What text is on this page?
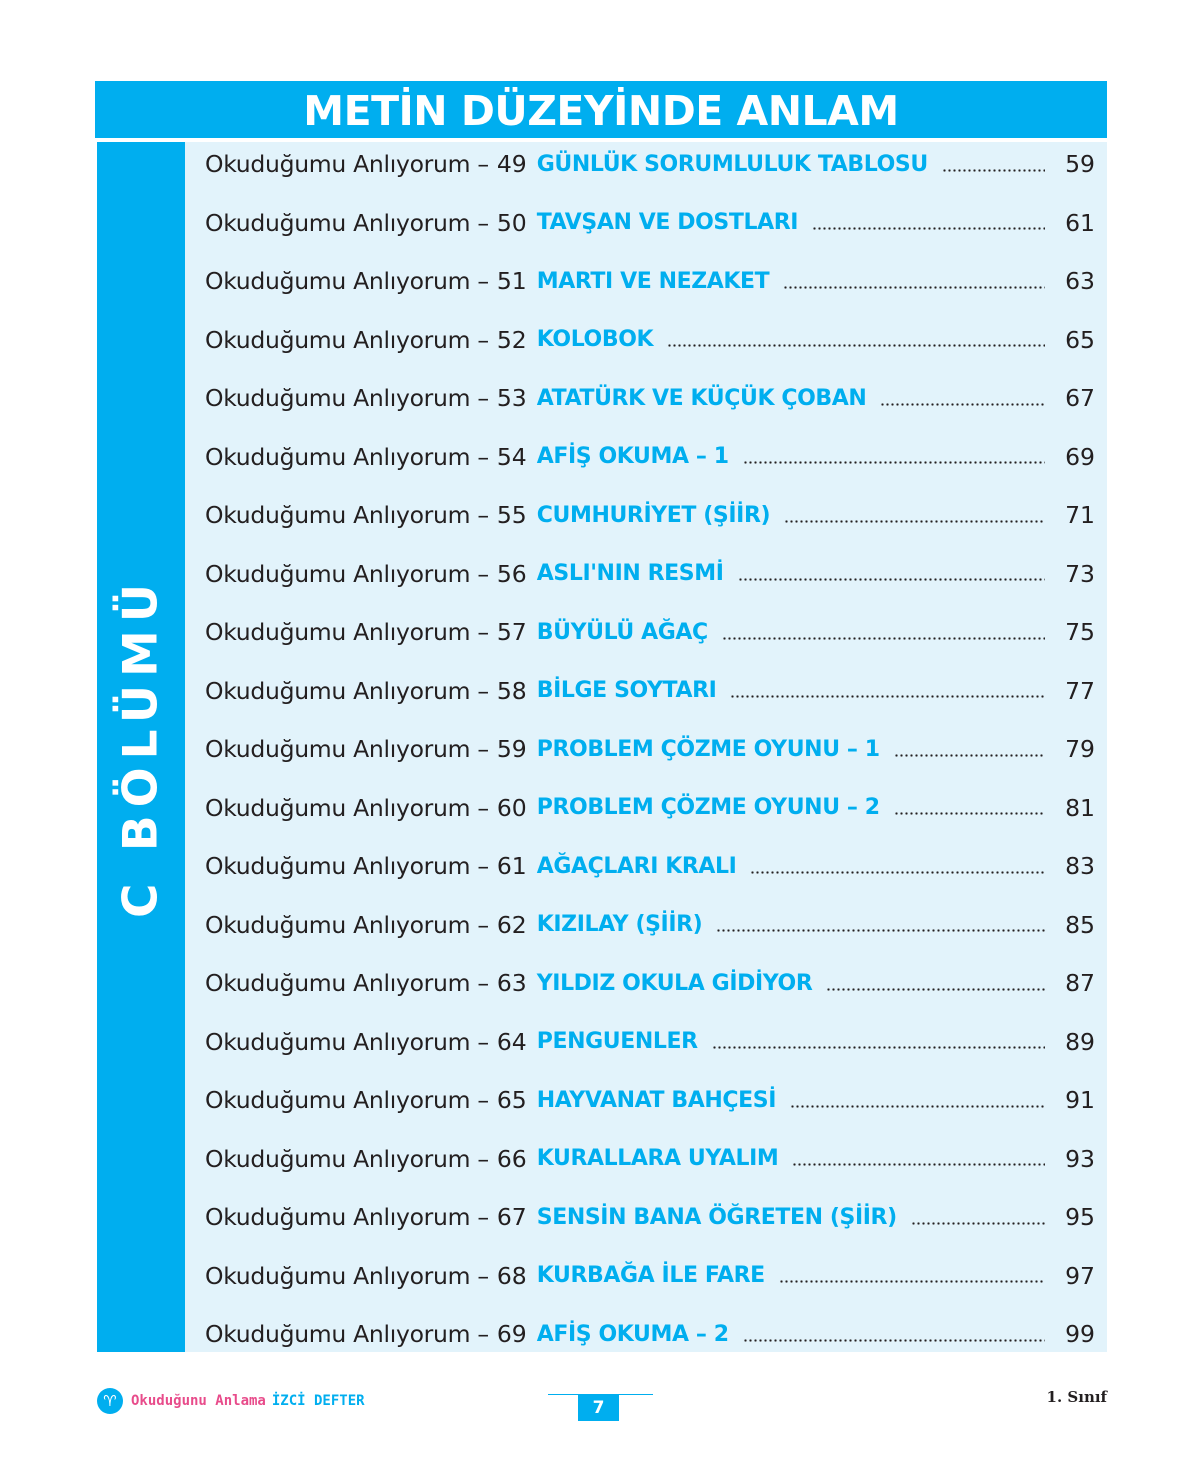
METİN DÜZEYİNDE ANLAM
C BÖLÜMÜ
Okuduğumu Anlıyorum – 49 GÜNLÜK SORUMLULUK TABLOSU	59
Okuduğumu Anlıyorum – 50 TAVŞAN VE DOSTLARI	61
Okuduğumu Anlıyorum – 51 MARTI VE NEZAKET	63
Okuduğumu Anlıyorum – 52 KOLOBOK	65
Okuduğumu Anlıyorum – 53 ATATÜRK VE KÜÇÜK ÇOBAN	67
Okuduğumu Anlıyorum – 54 AFİŞ OKUMA – 1	69
Okuduğumu Anlıyorum – 55 CUMHURİYET (ŞİİR)	71
Okuduğumu Anlıyorum – 56 ASLI'NIN RESMİ	73
Okuduğumu Anlıyorum – 57 BÜYÜLÜ AĞAÇ	75
Okuduğumu Anlıyorum – 58 BİLGE SOYTARI	77
Okuduğumu Anlıyorum – 59 PROBLEM ÇÖZME OYUNU – 1	79
Okuduğumu Anlıyorum – 60 PROBLEM ÇÖZME OYUNU – 2	81
Okuduğumu Anlıyorum – 61 AĞAÇLARI KRALI	83
Okuduğumu Anlıyorum – 62 KIZILAY (ŞİİR)	85
Okuduğumu Anlıyorum – 63 YILDIZ OKULA GİDİYOR	87
Okuduğumu Anlıyorum – 64 PENGUENLER	89
Okuduğumu Anlıyorum – 65 HAYVANAT BAHÇESİ	91
Okuduğumu Anlıyorum – 66 KURALLARA UYALIM	93
Okuduğumu Anlıyorum – 67 SENSİN BANA ÖĞRETEN (ŞİİR)	95
Okuduğumu Anlıyorum – 68 KURBAĞA İLE FARE	97
Okuduğumu Anlıyorum – 69 AFİŞ OKUMA – 2	99
♈	Okuduğunu Anlama İZCİ DEFTER	7
1. Sınıf
